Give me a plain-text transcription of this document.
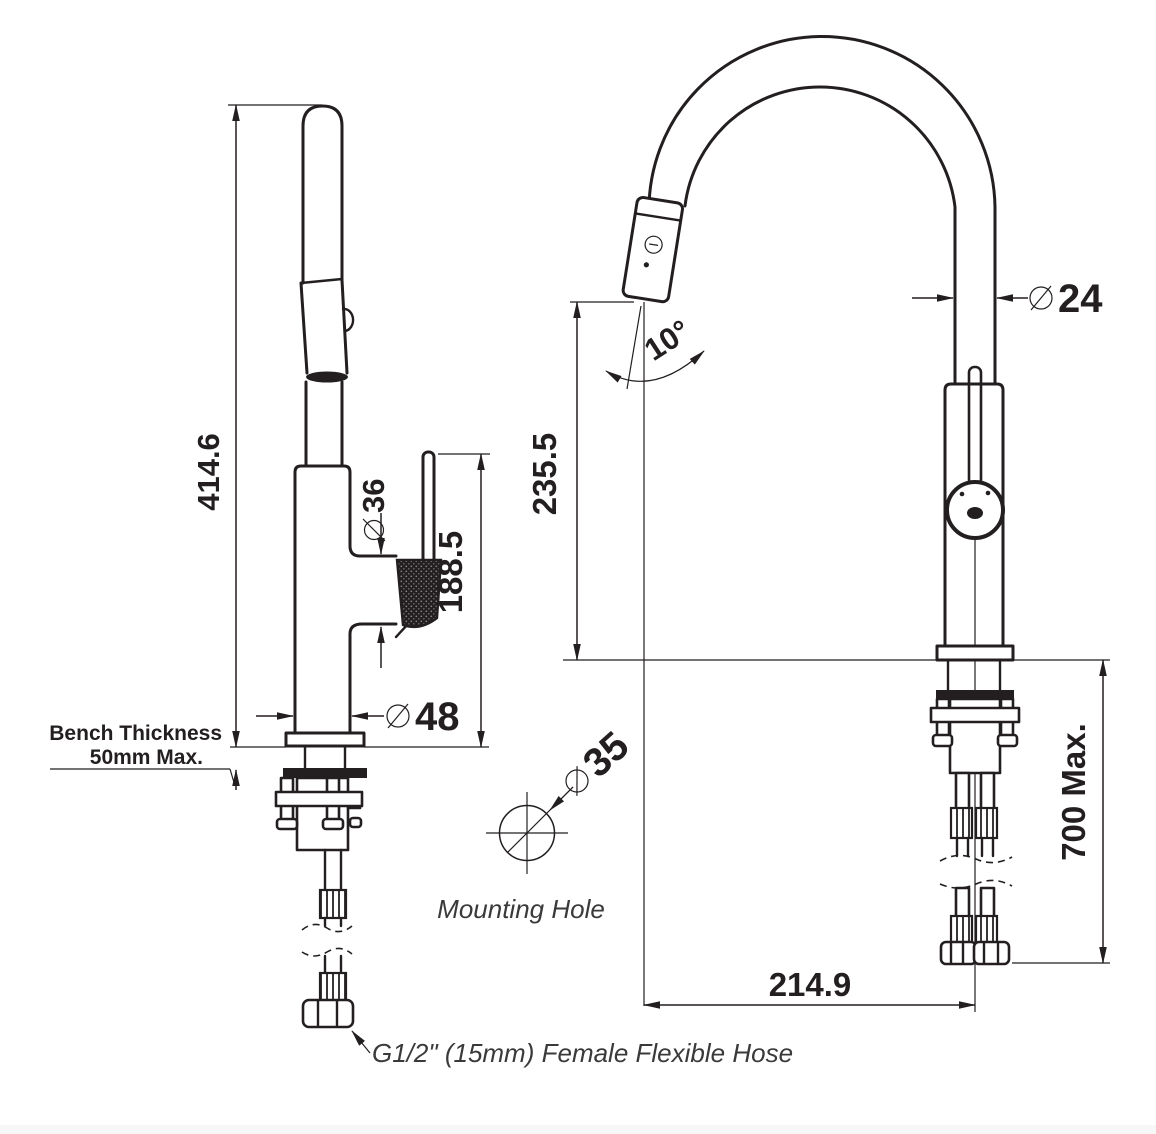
414.6	36
188.5
48
Bench Thickness
50mm Max.
G1/2" (15mm) Female Flexible Hose
35
Mounting Hole
235.5
10°
24
700 Max.
214.9
